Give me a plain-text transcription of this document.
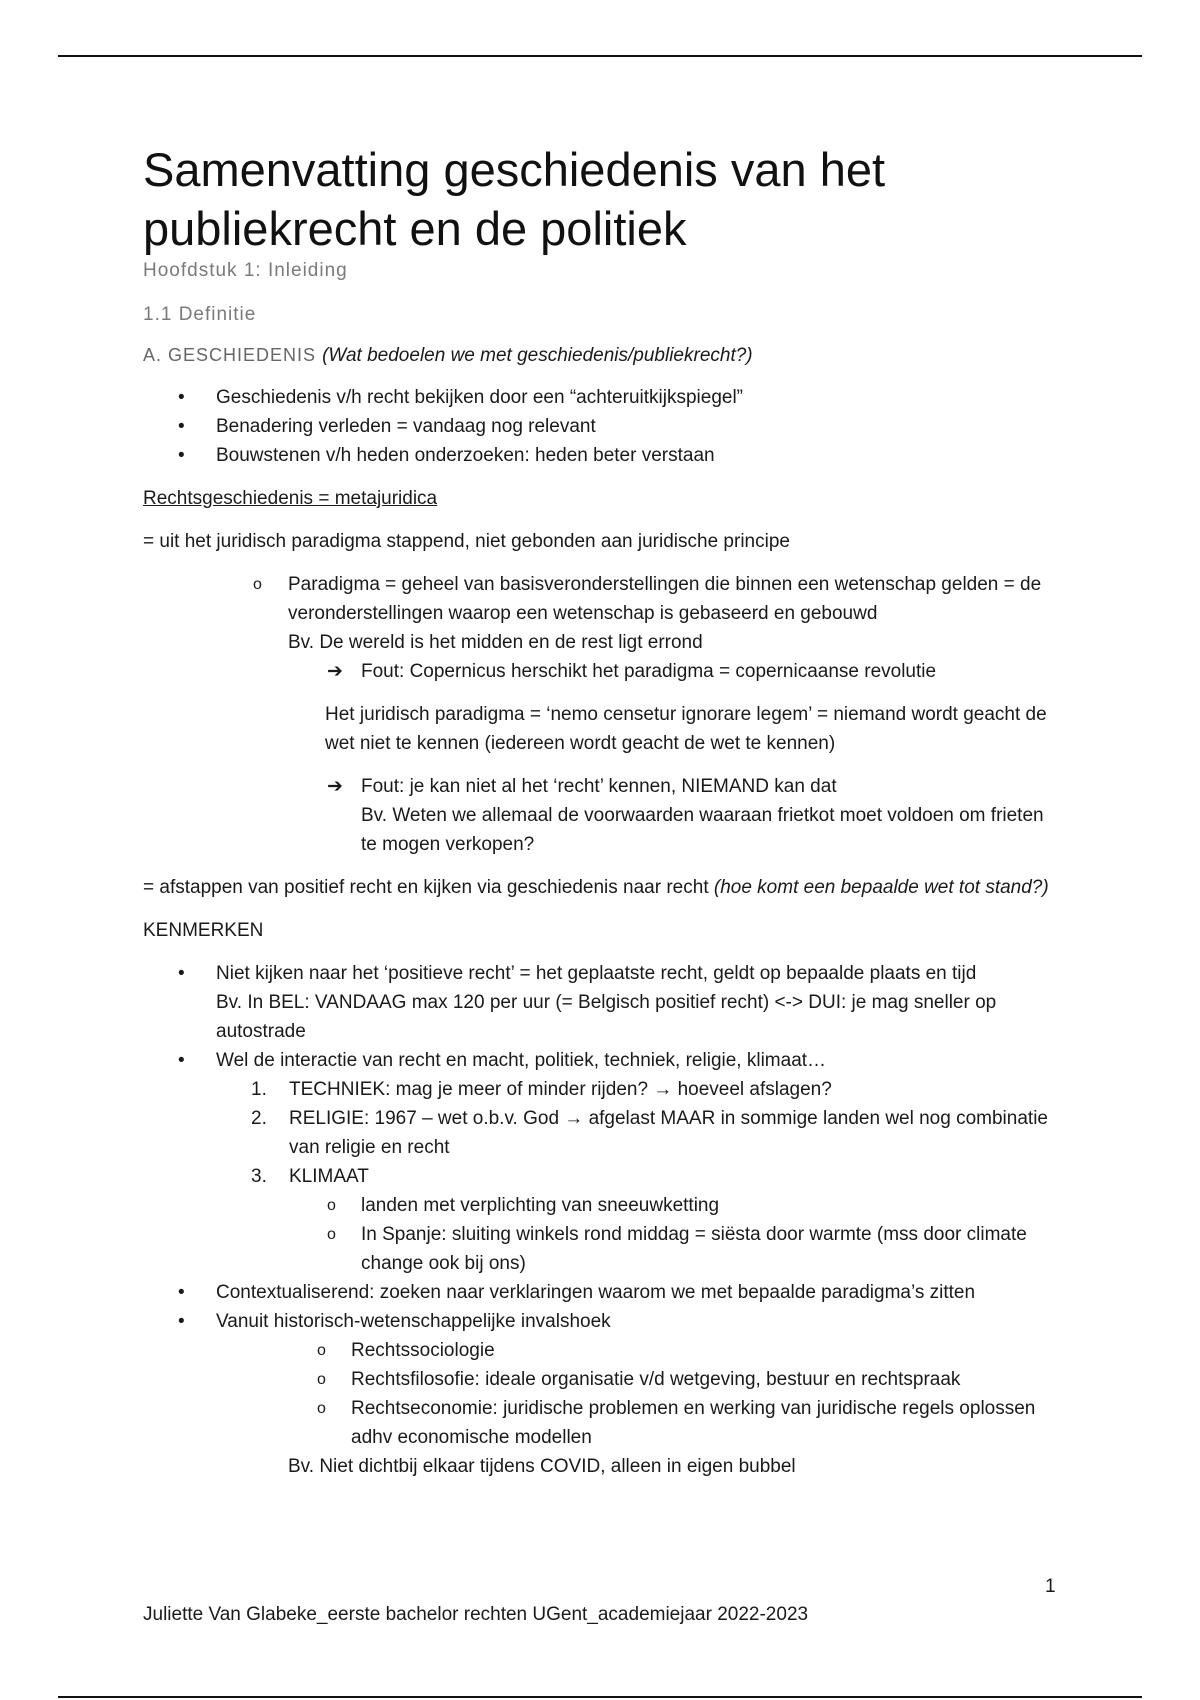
Samenvatting geschiedenis van het publiekrecht en de politiek

Hoofdstuk 1: Inleiding

1.1 Definitie

A. GESCHIEDENIS (Wat bedoelen we met geschiedenis/publiekrecht?)

• Geschiedenis v/h recht bekijken door een “achteruitkijkspiegel”
• Benadering verleden = vandaag nog relevant
• Bouwstenen v/h heden onderzoeken: heden beter verstaan

Rechtsgeschiedenis = metajuridica

= uit het juridisch paradigma stappend, niet gebonden aan juridische principe

o Paradigma = geheel van basisveronderstellingen die binnen een wetenschap gelden = de veronderstellingen waarop een wetenschap is gebaseerd en gebouwd
Bv. De wereld is het midden en de rest ligt errond

➔ Fout: Copernicus herschikt het paradigma = copernicaanse revolutie

Het juridisch paradigma = ‘nemo censetur ignorare legem’ = niemand wordt geacht de wet niet te kennen (iedereen wordt geacht de wet te kennen)

➔ Fout: je kan niet al het ‘recht’ kennen, NIEMAND kan dat
Bv. Weten we allemaal de voorwaarden waaraan frietkot moet voldoen om frieten te mogen verkopen?

= afstappen van positief recht en kijken via geschiedenis naar recht (hoe komt een bepaalde wet tot stand?)

KENMERKEN

• Niet kijken naar het ‘positieve recht’ = het geplaatste recht, geldt op bepaalde plaats en tijd
Bv. In BEL: VANDAAG max 120 per uur (= Belgisch positief recht) <-> DUI: je mag sneller op autostrade
• Wel de interactie van recht en macht, politiek, techniek, religie, klimaat…
1. TECHNIEK: mag je meer of minder rijden? → hoeveel afslagen?
2. RELIGIE: 1967 – wet o.b.v. God → afgelast MAAR in sommige landen wel nog combinatie van religie en recht
3. KLIMAAT
o landen met verplichting van sneeuwketting
o In Spanje: sluiting winkels rond middag = siësta door warmte (mss door climate change ook bij ons)
• Contextualiserend: zoeken naar verklaringen waarom we met bepaalde paradigma’s zitten
• Vanuit historisch-wetenschappelijke invalshoek
o Rechtssociologie
o Rechtsfilosofie: ideale organisatie v/d wetgeving, bestuur en rechtspraak
o Rechtseconomie: juridische problemen en werking van juridische regels oplossen adhv economische modellen

Bv. Niet dichtbij elkaar tijdens COVID, alleen in eigen bubbel

1
Juliette Van Glabeke_eerste bachelor rechten UGent_academiejaar 2022-2023
